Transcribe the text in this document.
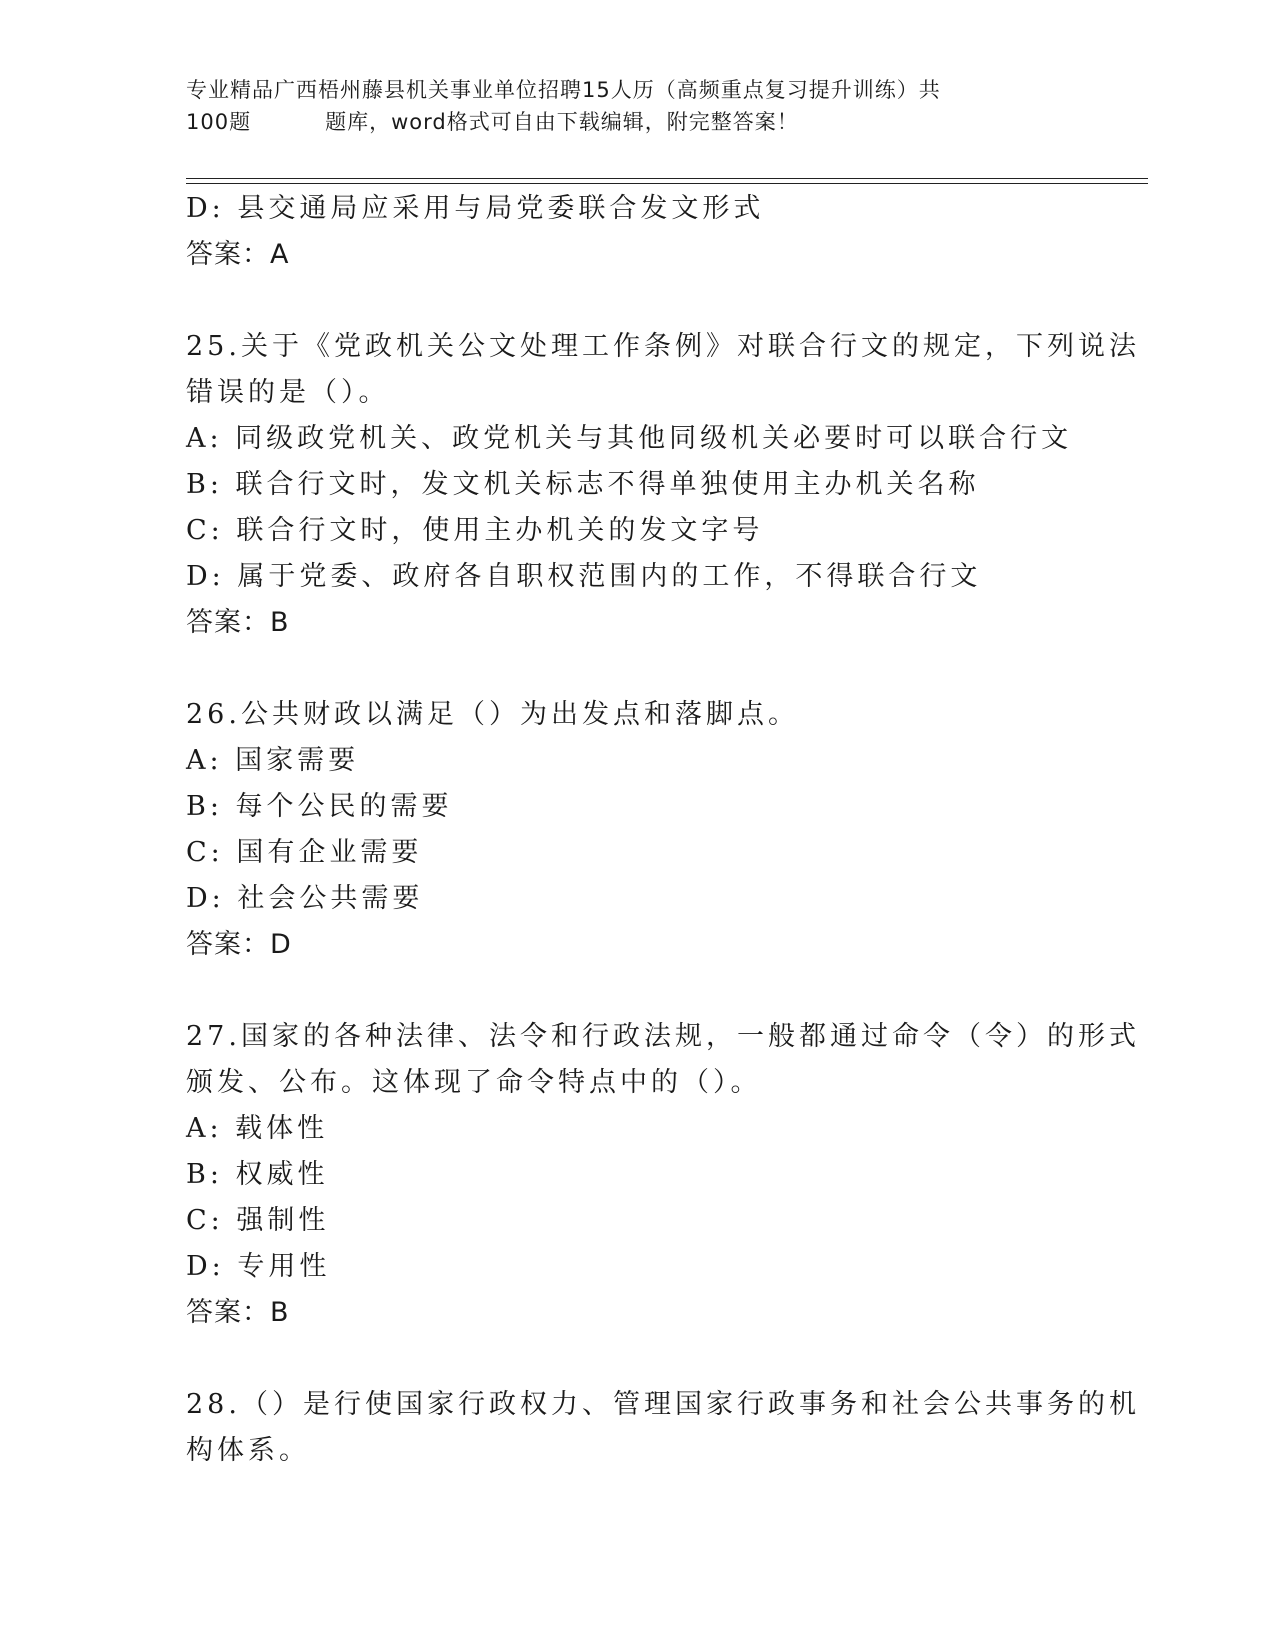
专业精品广西梧州藤县机关事业单位招聘15人历（高频重点复习提升训练）共
100题	题库，word格式可自由下载编辑，附完整答案！
D: 县交通局应采用与局党委联合发文形式
答案：A
25.关于《党政机关公文处理工作条例》对联合行文的规定，下列说法
错误的是（）。
A: 同级政党机关、政党机关与其他同级机关必要时可以联合行文
B: 联合行文时，发文机关标志不得单独使用主办机关名称
C: 联合行文时，使用主办机关的发文字号
D: 属于党委、政府各自职权范围内的工作，不得联合行文
答案：B
26.公共财政以满足（）为出发点和落脚点。
A: 国家需要
B: 每个公民的需要
C: 国有企业需要
D: 社会公共需要
答案：D
27.国家的各种法律、法令和行政法规，一般都通过命令（令）的形式
颁发、公布。这体现了命令特点中的（）。
A: 载体性
B: 权威性
C: 强制性
D: 专用性
答案：B
28.（）是行使国家行政权力、管理国家行政事务和社会公共事务的机
构体系。
